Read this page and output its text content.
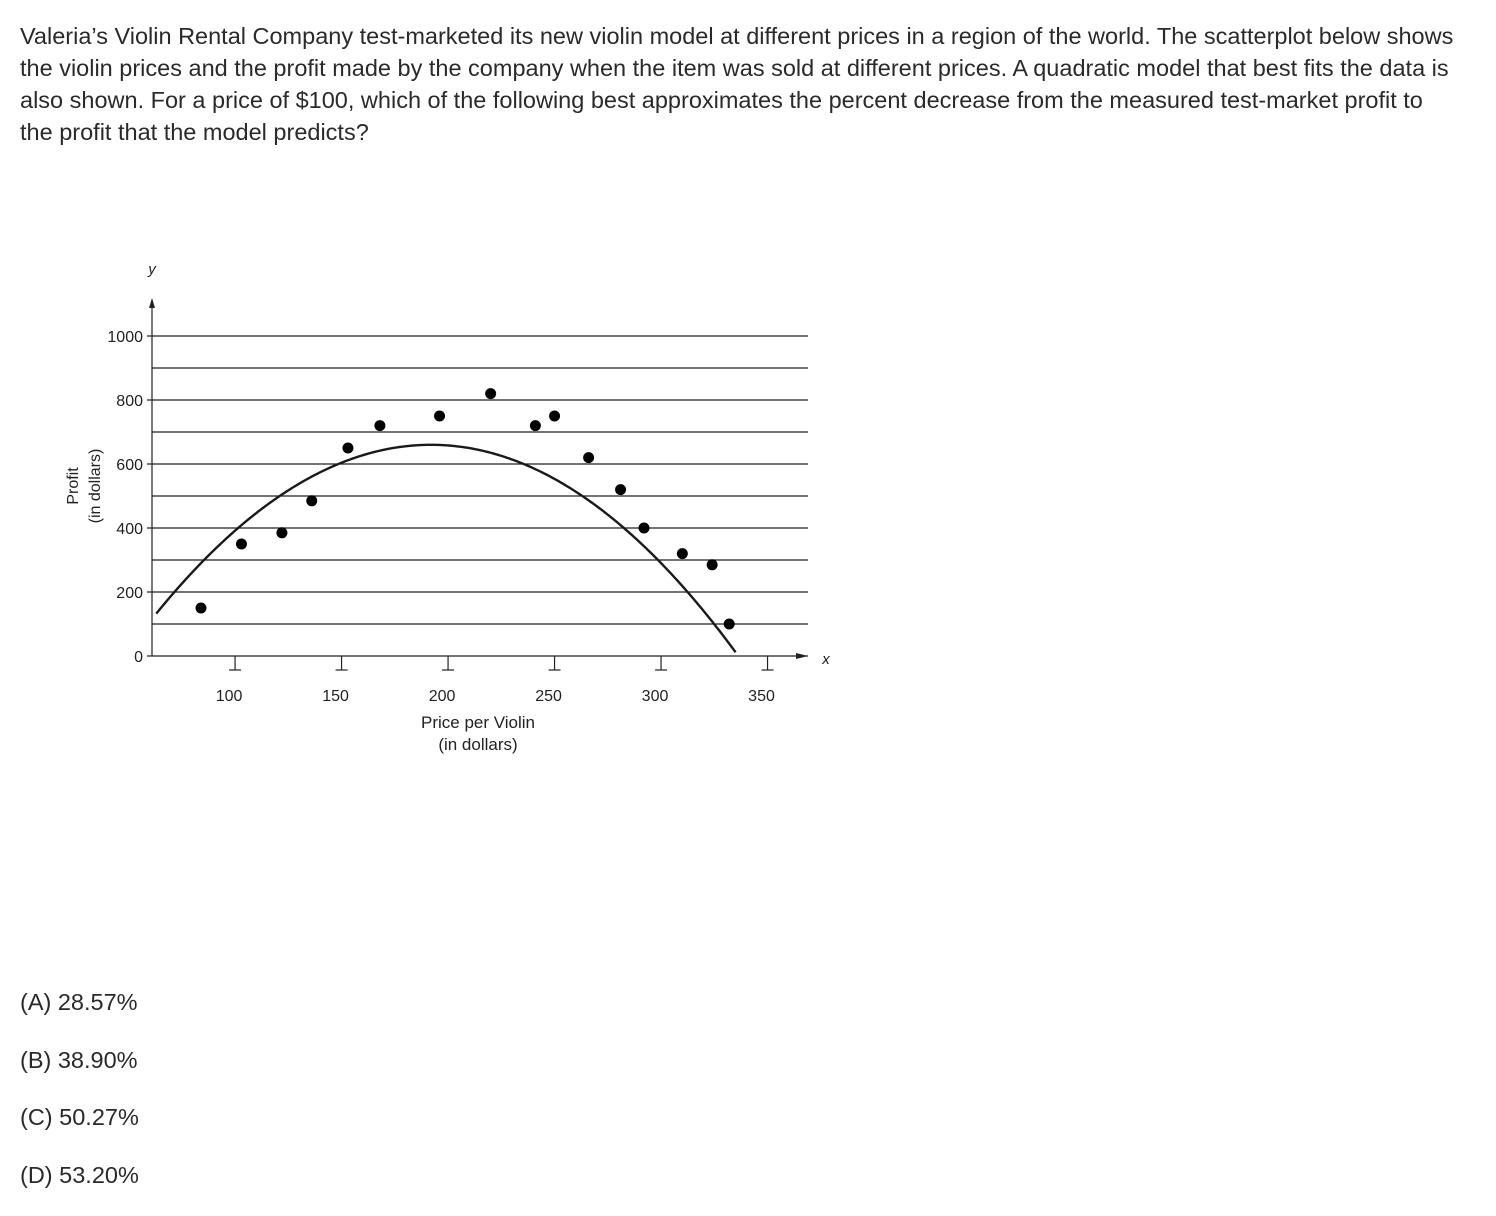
Valeria’s Violin Rental Company test-marketed its new violin model at different prices in a region of the world. The scatterplot below shows the violin prices and the profit made by the company when the item was sold at different prices. A quadratic model that best fits the data is also shown. For a price of $100, which of the following best approximates the percent decrease from the measured test-market profit to the profit that the model predicts?

y
x
0
200
400
600
800
1000
100	150	200	250	300	350
Price per Violin
(in dollars)
Profit (in dollars)
(A) 28.57%
(B) 38.90%
(C) 50.27%
(D) 53.20%
